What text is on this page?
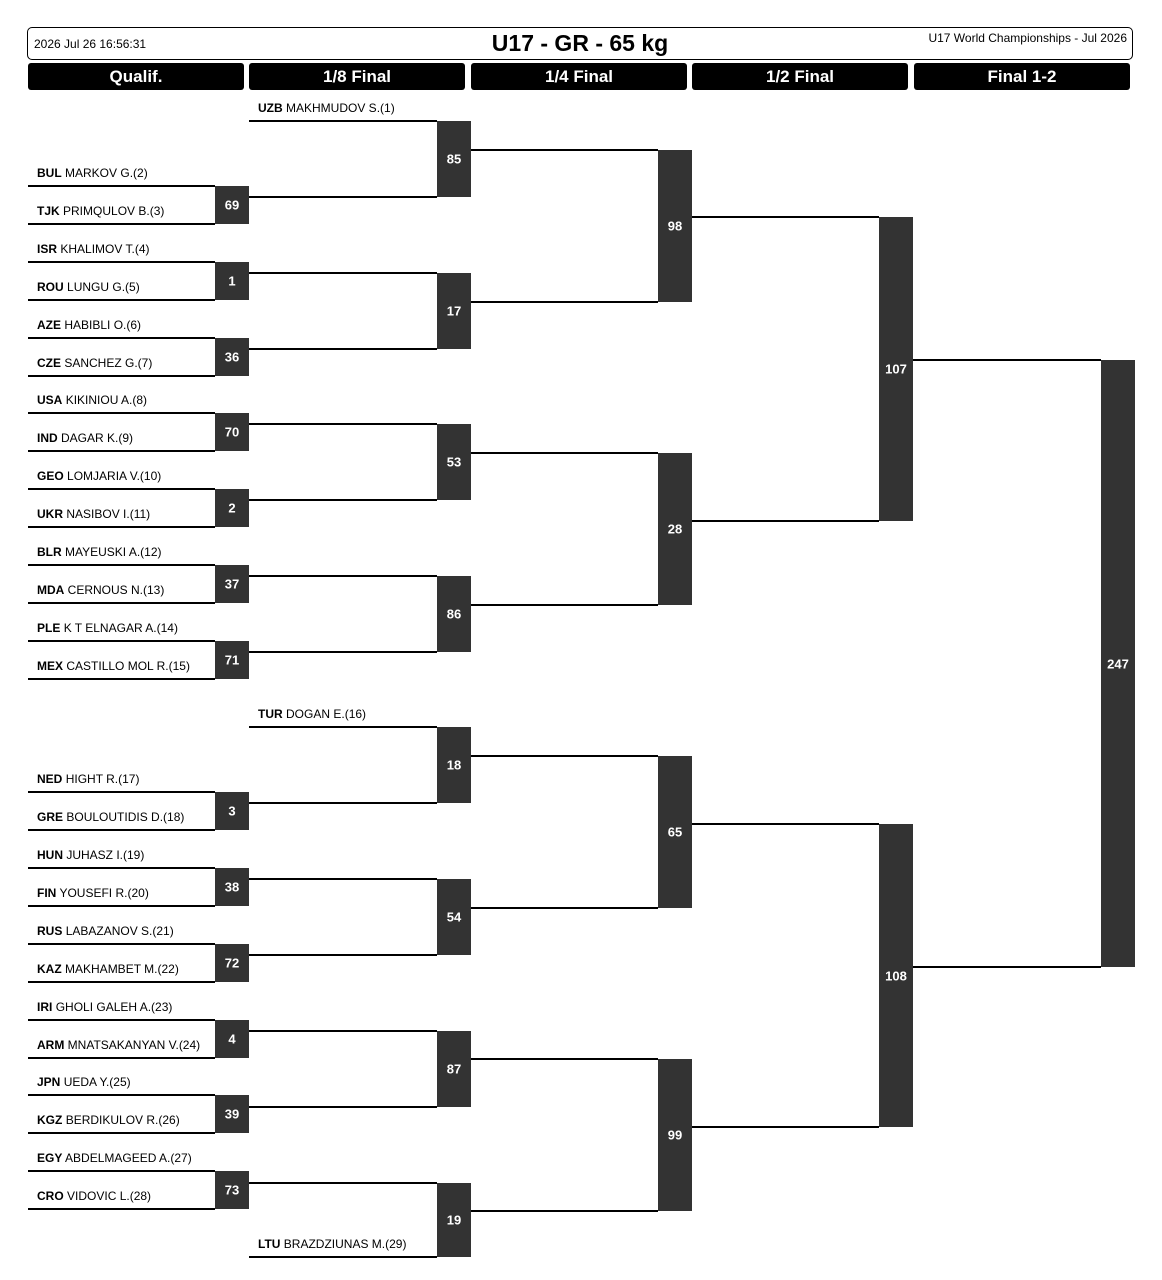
2026 Jul 26 16:56:31	U17 - GR - 65 kg	U17 World Championships - Jul 2026
Qualif.	1/8 Final	1/4 Final	1/2 Final	Final 1-2
BUL MARKOV G.(2)
TJK PRIMQULOV B.(3)	69
ISR KHALIMOV T.(4)
ROU LUNGU G.(5)	1
AZE HABIBLI O.(6)
CZE SANCHEZ G.(7)	36
USA KIKINIOU A.(8)
IND DAGAR K.(9)	70
GEO LOMJARIA V.(10)
UKR NASIBOV I.(11)	2
BLR MAYEUSKI A.(12)
MDA CERNOUS N.(13)	37
PLE K T ELNAGAR A.(14)
MEX CASTILLO MOL R.(15)	71
NED HIGHT R.(17)
GRE BOULOUTIDIS D.(18)	3
HUN JUHASZ I.(19)
FIN YOUSEFI R.(20)	38
RUS LABAZANOV S.(21)
KAZ MAKHAMBET M.(22)	72
IRI GHOLI GALEH A.(23)
ARM MNATSAKANYAN V.(24)	4
JPN UEDA Y.(25)
KGZ BERDIKULOV R.(26)	39
EGY ABDELMAGEED A.(27)
CRO VIDOVIC L.(28)	73
UZB MAKHMUDOV S.(1)
TUR DOGAN E.(16)
LTU BRAZDZIUNAS M.(29)
85
17
53
86
18
54
87
19
98
28
65
99
107
108
247
